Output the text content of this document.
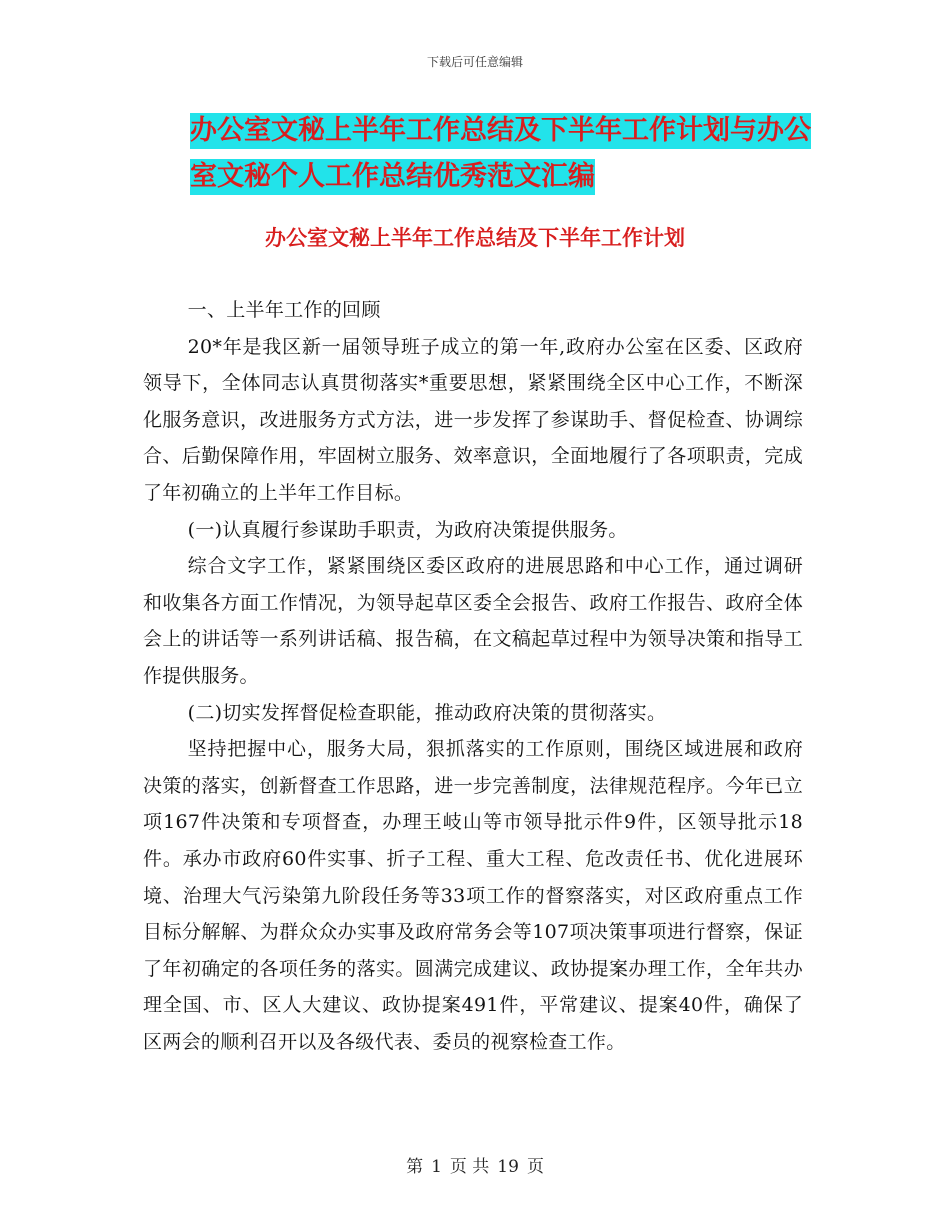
下载后可任意编辑
办公室文秘上半年工作总结及下半年工作计划与办公
室文秘个人工作总结优秀范文汇编
办公室文秘上半年工作总结及下半年工作计划

一、上半年工作的回顾

20*年是我区新一届领导班子成立的第一年,政府办公室在区委、区政府领导下，全体同志认真贯彻落实*重要思想，紧紧围绕全区中心工作，不断深化服务意识，改进服务方式方法，进一步发挥了参谋助手、督促检查、协调综合、后勤保障作用，牢固树立服务、效率意识，全面地履行了各项职责，完成了年初确立的上半年工作目标。

(一)认真履行参谋助手职责，为政府决策提供服务。

综合文字工作，紧紧围绕区委区政府的进展思路和中心工作，通过调研和收集各方面工作情况，为领导起草区委全会报告、政府工作报告、政府全体会上的讲话等一系列讲话稿、报告稿，在文稿起草过程中为领导决策和指导工作提供服务。

(二)切实发挥督促检查职能，推动政府决策的贯彻落实。

坚持把握中心，服务大局，狠抓落实的工作原则，围绕区域进展和政府决策的落实，创新督查工作思路，进一步完善制度，法律规范程序。今年已立项167件决策和专项督查，办理王岐山等市领导批示件9件，区领导批示18件。承办市政府60件实事、折子工程、重大工程、危改责任书、优化进展环境、治理大气污染第九阶段任务等33项工作的督察落实，对区政府重点工作目标分解解、为群众众办实事及政府常务会等107项决策事项进行督察，保证了年初确定的各项任务的落实。圆满完成建议、政协提案办理工作，全年共办理全国、市、区人大建议、政协提案491件，平常建议、提案40件，确保了区两会的顺利召开以及各级代表、委员的视察检查工作。

第 1 页 共 19 页
